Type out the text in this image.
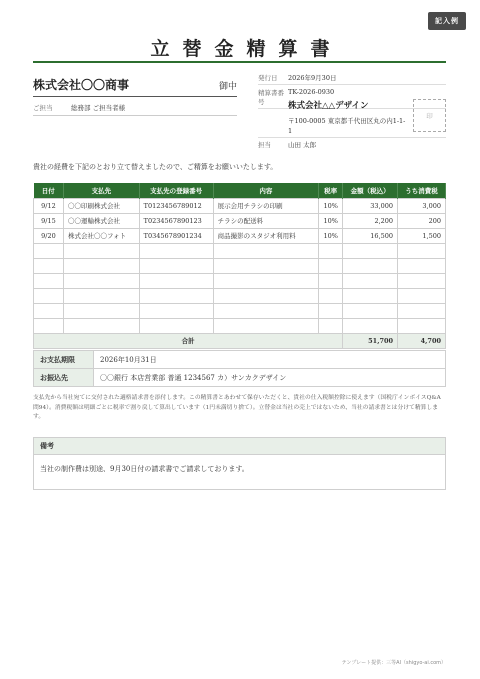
記入例
立替金精算書
株式会社〇〇商事	御中
ご担当	総務部 ご担当者様
発行日	2026年9月30日
精算書番号
TK-2026-0930
株式会社△△デザイン
〒100-0005 東京都千代田区丸の内1-1-1
印
担当	山田 太郎
貴社の経費を下記のとおり立て替えましたので、ご精算をお願いいたします。
日付	支払先	支払先の登録番号	内容	税率	金額（税込）	うち消費税
9/12	〇〇印刷株式会社	T0123456789012	展示会用チラシの印刷	10%	33,000	3,000
9/15	〇〇運輸株式会社	T0234567890123	チラシの配送料	10%	2,200	200
9/20	株式会社〇〇フォト	T0345678901234	商品撮影のスタジオ利用料	10%	16,500	1,500

合計					51,700	4,700
お支払期限	2026年10月31日
お振込先	〇〇銀行 本店営業部 普通 1234567 カ）サンカクデザイン
支払先から当社宛てに交付された適格請求書を添付します。この精算書とあわせて保存いただくと、貴社の仕入税額控除に使えます（国税庁インボイスQ&A 問94）。消費税額は明細ごとに税率で割り戻して算出しています（1円未満切り捨て）。立替金は当社の売上ではないため、当社の請求書とは分けて精算します。
備考
当社の制作費は別途、9月30日付の請求書でご請求しております。
テンプレート提供：三等AI（shigyo-ai.com）
